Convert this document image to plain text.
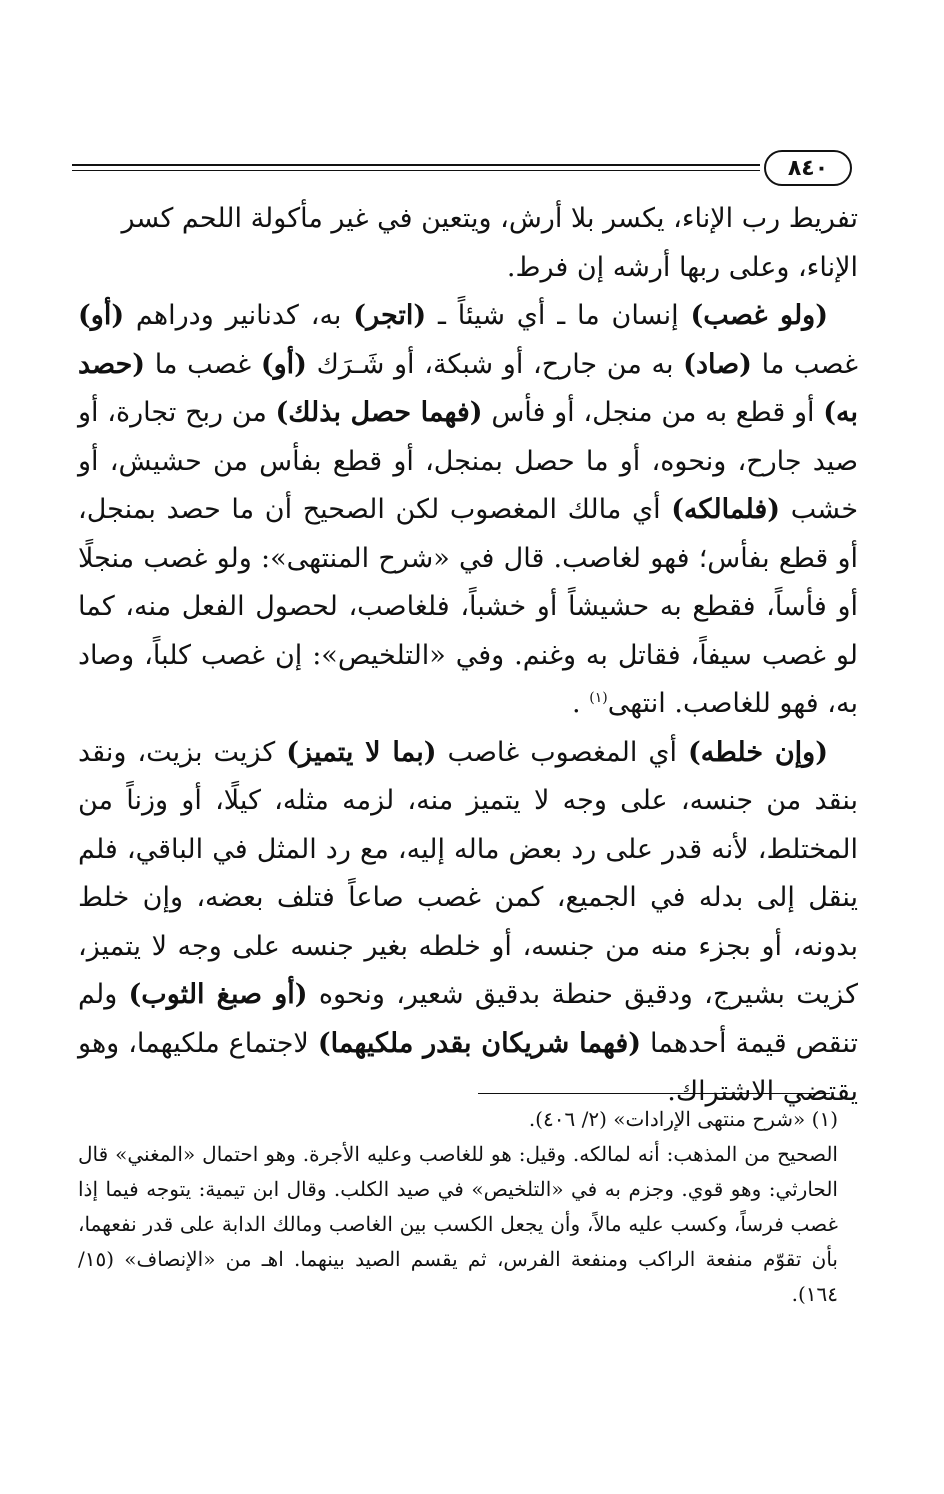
٨٤٠

تفريط رب الإناء، يكسر بلا أرش، ويتعين في غير مأكولة اللحم كسر
الإناء، وعلى ربها أرشه إن فرط.

(ولو غصب) إنسان ما ـ أي شيئاً ـ (اتجر) به، كدنانير ودراهم (أو) غصب ما (صاد) به من جارح، أو شبكة، أو شَـرَك (أو) غصب ما (حصد به) أو قطع به من منجل، أو فأس (فهما حصل بذلك) من ربح تجارة، أو صيد جارح، ونحوه، أو ما حصل بمنجل، أو قطع بفأس من حشيش، أو خشب (فلمالكه) أي مالك المغصوب لكن الصحيح أن ما حصد بمنجل، أو قطع بفأس؛ فهو لغاصب. قال في «شرح المنتهى»: ولو غصب منجلًا أو فأساً، فقطع به حشيشاً أو خشباً، فلغاصب، لحصول الفعل منه، كما لو غصب سيفاً، فقاتل به وغنم. وفي «التلخيص»: إن غصب كلباً، وصاد به، فهو للغاصب. انتهى$^{(١)}$ .

(وإن خلطه) أي المغصوب غاصب (بما لا يتميز) كزيت بزيت، ونقد بنقد من جنسه، على وجه لا يتميز منه، لزمه مثله، كيلًا، أو وزناً من المختلط، لأنه قدر على رد بعض ماله إليه، مع رد المثل في الباقي، فلم ينقل إلى بدله في الجميع، كمن غصب صاعاً فتلف بعضه، وإن خلط بدونه، أو بجزء منه من جنسه، أو خلطه بغير جنسه على وجه لا يتميز، كزيت بشيرج، ودقيق حنطة بدقيق شعير، ونحوه (أو صبغ الثوب) ولم تنقص قيمة أحدهما (فهما شريكان بقدر ملكيهما) لاجتماع ملكيهما، وهو يقتضي الاشتراك.

(١) «شرح منتهى الإرادات» (٢/ ٤٠٦).

الصحيح من المذهب: أنه لمالكه. وقيل: هو للغاصب وعليه الأجرة. وهو احتمال «المغني» قال الحارثي: وهو قوي. وجزم به في «التلخيص» في صيد الكلب. وقال ابن تيمية: يتوجه فيما إذا غصب فرساً، وكسب عليه مالاً، وأن يجعل الكسب بين الغاصب ومالك الدابة على قدر نفعهما، بأن تقوّم منفعة الراكب ومنفعة الفرس، ثم يقسم الصيد بينهما. اهـ من «الإنصاف» (١٥/ ١٦٤).
